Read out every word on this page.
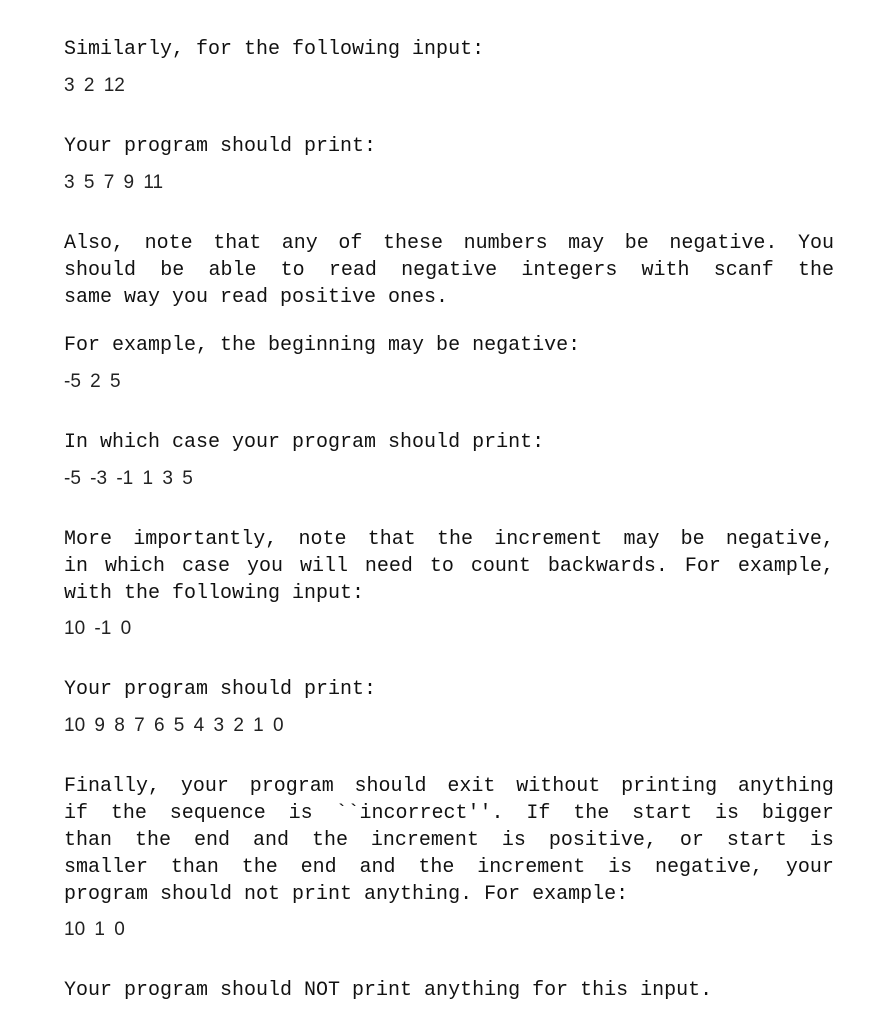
Similarly, for the following input:
3 2 12
Your program should print:
3 5 7 9 11
Also, note that any of these numbers may be negative. You
should be able to read negative integers with scanf the
same way you read positive ones.
For example, the beginning may be negative:
-5 2 5
In which case your program should print:
-5 -3 -1 1 3 5
More importantly, note that the increment may be negative,
in which case you will need to count backwards. For example,
with the following input:
10 -1 0
Your program should print:
10 9 8 7 6 5 4 3 2 1 0
Finally, your program should exit without printing anything
if the sequence is ``incorrect''. If the start is bigger
than the end and the increment is positive, or start is
smaller than the end and the increment is negative, your
program should not print anything. For example:
10 1 0
Your program should NOT print anything for this input.
